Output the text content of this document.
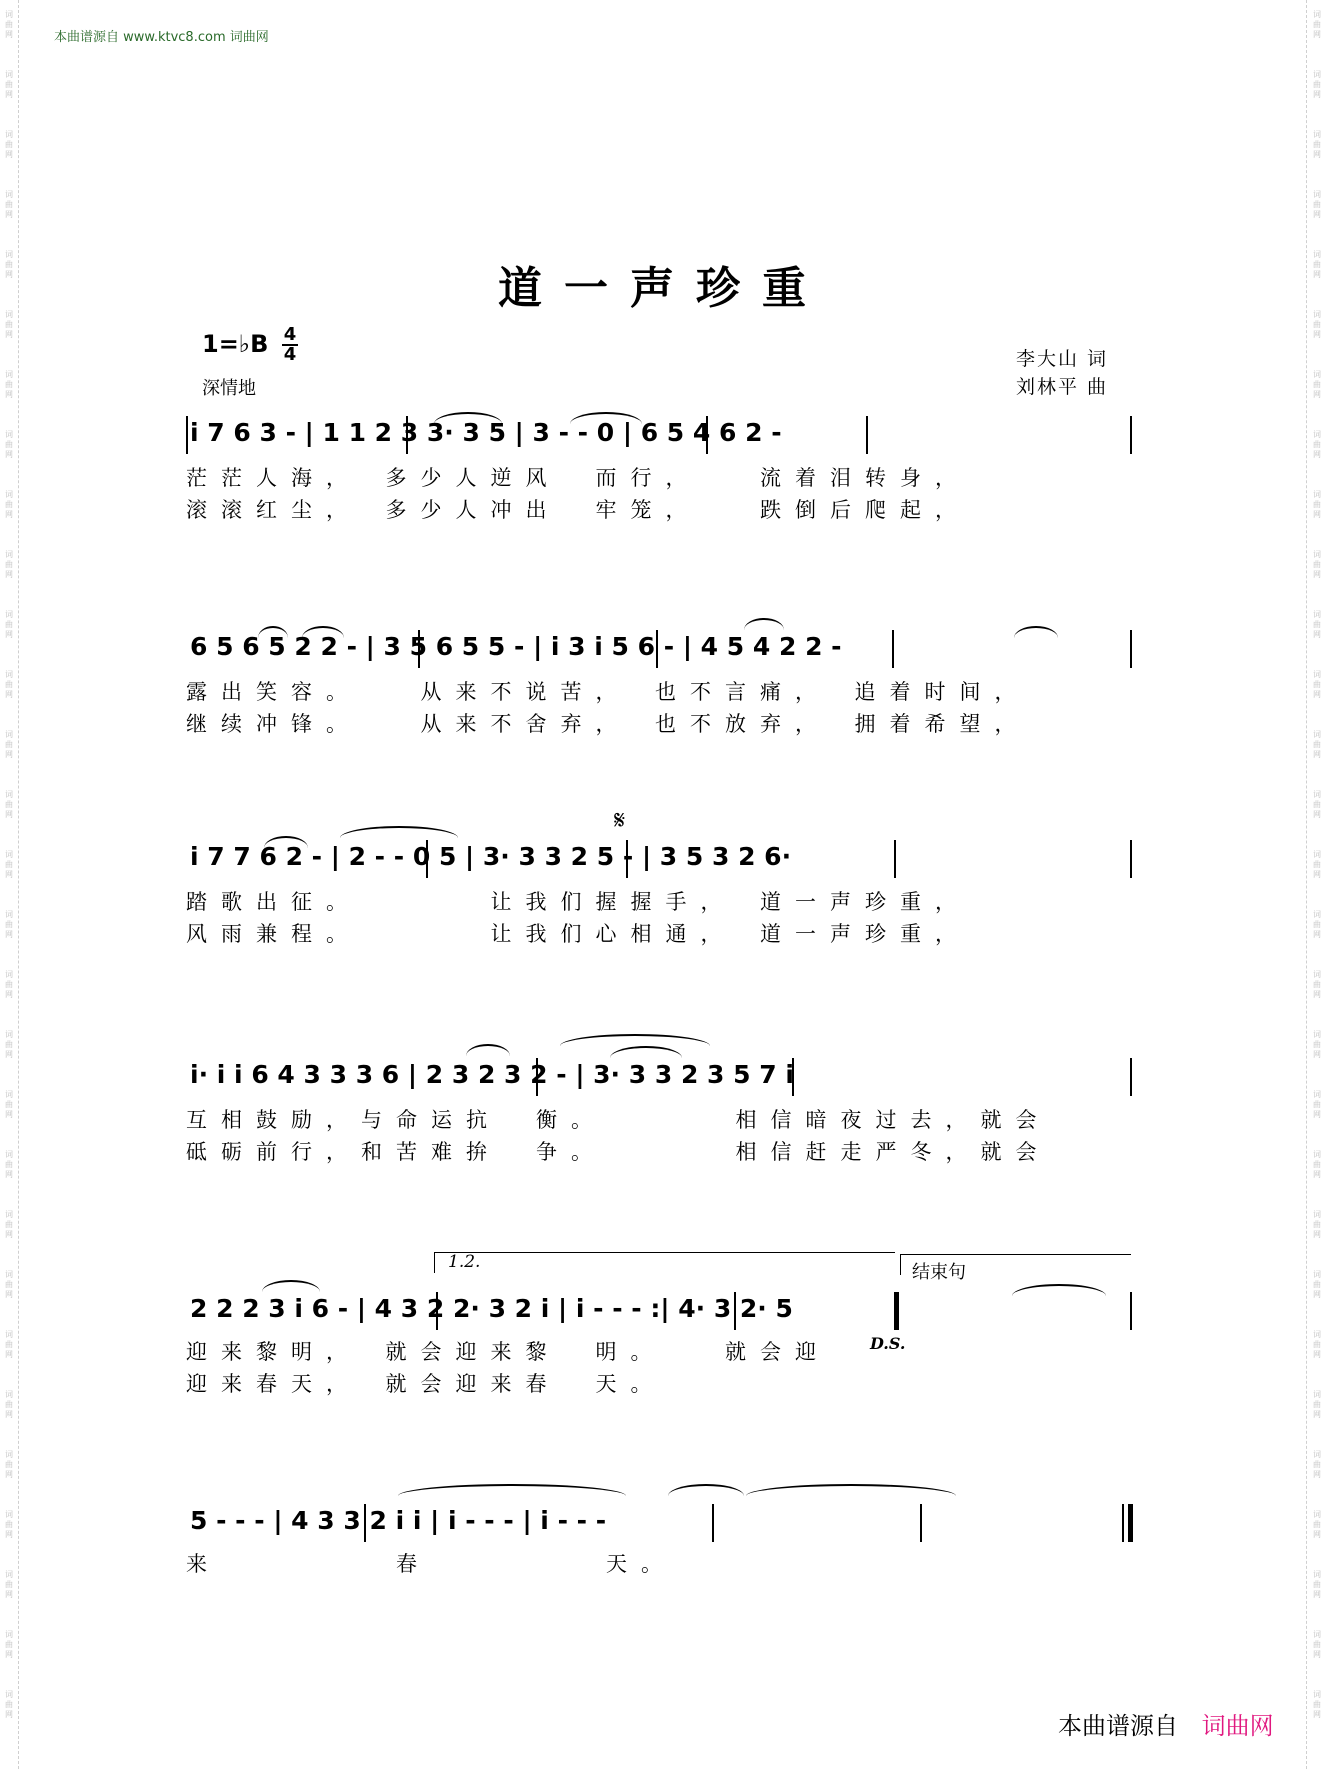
词
曲
网
词
曲
网
词
曲
网
词
曲
网
词
曲
网
词
曲
网
词
曲
网
词
曲
网
词
曲
网
词
曲
网
词
曲
网
词
曲
网
词
曲
网
词
曲
网
词
曲
网
词
曲
网
词
曲
网
词
曲
网
词
曲
网
词
曲
网
词
曲
网
词
曲
网
词
曲
网
词
曲
网
词
曲
网
词
曲
网
词
曲
网
词
曲
网
词
曲
网
词
曲
网
词
曲
网
词
曲
网
词
曲
网
词
曲
网
词
曲
网
词
曲
网
词
曲
网
词
曲
网
词
曲
网
词
曲
网
词
曲
网
词
曲
网
词
曲
网
词
曲
网
词
曲
网
词
曲
网
词
曲
网
词
曲
网
词
曲
网
词
曲
网
词
曲
网
词
曲
网
词
曲
网
词
曲
网
词
曲
网
词
曲
网
词
曲
网
词
曲
网
本曲谱源自 www.ktvc8.com 词曲网
道一声珍重
1=♭B 4
4
深情地
李大山 词
刘林平 曲
i 7 6 3 - | 1 1 2 3 3· 3 5 | 3 - - 0 | 6 5 4 6 2 -
茫茫人海，　多少人逆风　而行，　　流着泪转身，
滚滚红尘，　多少人冲出　牢笼，　　跌倒后爬起，
6 5 6 5 2 2 - | 3 5 6 5 5 - | i 3 i 5 6 - | 4 5 4 2 2 -
露出笑容。　　从来不说苦，　也不言痛，　追着时间，
继续冲锋。　　从来不舍弃，　也不放弃，　拥着希望，
𝄋
i 7 7 6 2 - | 2 - - 0 5 | 3· 3 3 2 5 - | 3 5 3 2 6·
踏歌出征。　　　　让我们握握手，　道一声珍重，
风雨兼程。　　　　让我们心相通，　道一声珍重，
i· i i 6 4 3 3 3 6 | 2 3 2 3 2 - | 3· 3 3 2 3 5 7 i
互相鼓励，与命运抗　衡。　　　　相信暗夜过去，就会
砥砺前行，和苦难拚　争。　　　　相信赶走严冬，就会
1.2.	结束句
2 2 2 3 i 6 - | 4 3 2 2· 3 2 i | i - - - :| 4· 3 2· 5
迎来黎明，　就会迎来黎　明。　　就会迎
迎来春天，　就会迎来春　天。
D.S.
5 - - - | 4 3 3 2 i i | i - - - | i - - -
来　　　　　春　　　　　天。
本曲谱源自 词曲网
